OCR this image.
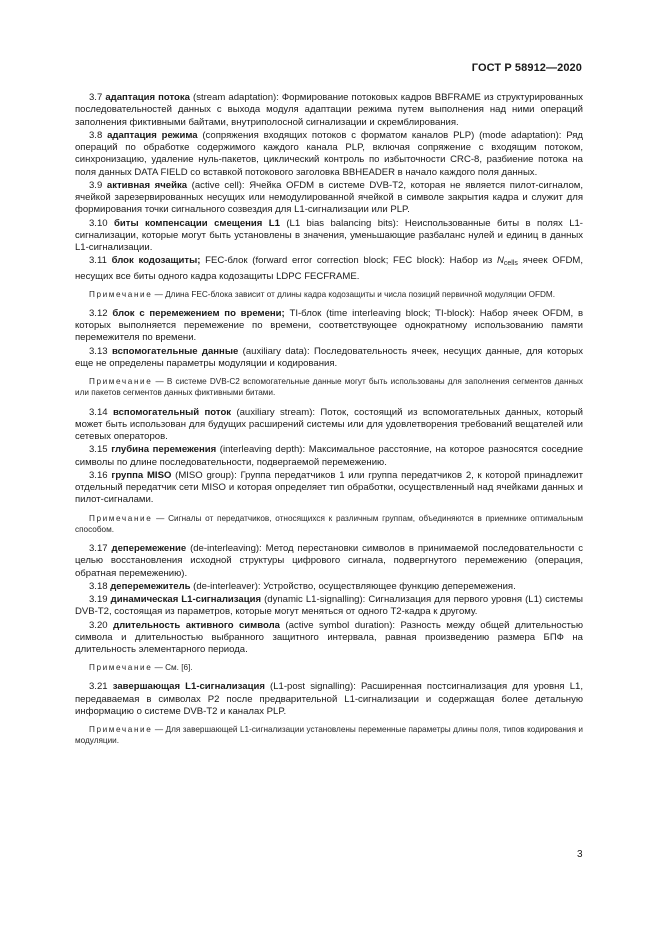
ГОСТ Р 58912—2020

3.7 адаптация потока (stream adaptation): Формирование потоковых кадров BBFRAME из структурированных последовательностей данных с выхода модуля адаптации режима путем выполнения над ними операций заполнения фиктивными байтами, внутриполосной сигнализации и скремблирования.

3.8 адаптация режима (сопряжения входящих потоков с форматом каналов PLP) (mode adaptation): Ряд операций по обработке содержимого каждого канала PLP, включая сопряжение с входящим потоком, синхронизацию, удаление нуль-пакетов, циклический контроль по избыточности CRC-8, разбиение потока на поля данных DATA FIELD со вставкой потокового заголовка BBHEADER в начало каждого поля данных.

3.9 активная ячейка (active cell): Ячейка OFDM в системе DVB-T2, которая не является пилот-сигналом, ячейкой зарезервированных несущих или немодулированной ячейкой в символе закрытия кадра и служит для формирования точки сигнального созвездия для L1-сигнализации или PLP.

3.10 биты компенсации смещения L1 (L1 bias balancing bits): Неиспользованные биты в полях L1-сигнализации, которые могут быть установлены в значения, уменьшающие разбаланс нулей и единиц в данных L1-сигнализации.

3.11 блок кодозащиты; FEC-блок (forward error correction block; FEC block): Набор из $N_{cells}$ ячеек OFDM, несущих все биты одного кадра кодозащиты LDPC FECFRAME.

Примечание — Длина FEC-блока зависит от длины кадра кодозащиты и числа позиций первичной модуляции OFDM.

3.12 блок с перемежением по времени; TI-блок (time interleaving block; TI-block): Набор ячеек OFDM, в которых выполняется перемежение по времени, соответствующее однократному использованию памяти перемежителя по времени.

3.13 вспомогательные данные (auxiliary data): Последовательность ячеек, несущих данные, для которых еще не определены параметры модуляции и кодирования.

Примечание — В системе DVB-C2 вспомогательные данные могут быть использованы для заполнения сегментов данных или пакетов сегментов данных фиктивными битами.

3.14 вспомогательный поток (auxiliary stream): Поток, состоящий из вспомогательных данных, который может быть использован для будущих расширений системы или для удовлетворения требований вещателей или сетевых операторов.

3.15 глубина перемежения (interleaving depth): Максимальное расстояние, на которое разносятся соседние символы по длине последовательности, подвергаемой перемежению.

3.16 группа MISO (MISO group): Группа передатчиков 1 или группа передатчиков 2, к которой принадлежит отдельный передатчик сети MISO и которая определяет тип обработки, осуществленный над ячейками данных и пилот-сигналами.

Примечание — Сигналы от передатчиков, относящихся к различным группам, объединяются в приемнике оптимальным способом.

3.17 деперемежение (de-interleaving): Метод перестановки символов в принимаемой последовательности с целью восстановления исходной структуры цифрового сигнала, подвергнутого перемежению (операция, обратная перемежению).

3.18 деперемежитель (de-interleaver): Устройство, осуществляющее функцию деперемежения.

3.19 динамическая L1-сигнализация (dynamic L1-signalling): Сигнализация для первого уровня (L1) системы DVB-T2, состоящая из параметров, которые могут меняться от одного T2-кадра к другому.

3.20 длительность активного символа (active symbol duration): Разность между общей длительностью символа и длительностью выбранного защитного интервала, равная произведению размера БПФ на длительность элементарного периода.

Примечание — См. [6].

3.21 завершающая L1-сигнализация (L1-post signalling): Расширенная постсигнализация для уровня L1, передаваемая в символах P2 после предварительной L1-сигнализации и содержащая более детальную информацию о системе DVB-T2 и каналах PLP.

Примечание — Для завершающей L1-сигнализации установлены переменные параметры длины поля, типов кодирования и модуляции.

3
